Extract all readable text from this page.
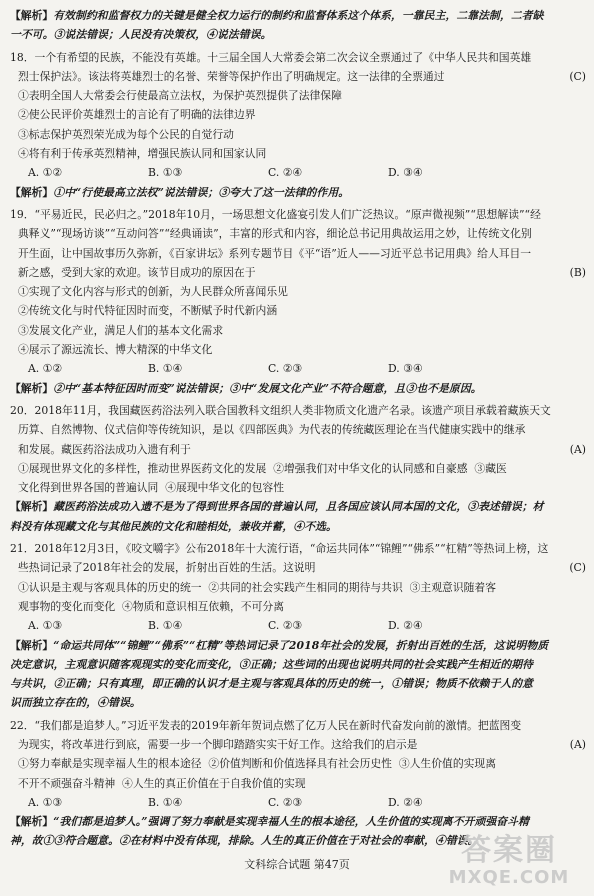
【解析】有效制约和监督权力的关键是健全权力运行的制约和监督体系这个体系，一靠民主，二靠法制，二者缺
一不可。③说法错误；人民没有决策权，④说法错误。
18．一个有希望的民族，不能没有英雄。十三届全国人大常委会第二次会议全票通过了《中华人民共和国英雄
烈士保护法》。该法将英雄烈士的名誉、荣誉等保护作出了明确规定。这一法律的全票通过	(C)
①表明全国人大常委会行使最高立法权，为保护英烈提供了法律保障
②使公民评价英雄烈士的言论有了明确的法律边界
③标志保护英烈荣光成为每个公民的自觉行动
④将有利于传承英烈精神，增强民族认同和国家认同
A. ①②	B. ①③	C. ②④	D. ③④
【解析】①中“行使最高立法权”说法错误；③夸大了这一法律的作用。
19．“平易近民，民必归之。”2018年10月，一场思想文化盛宴引发人们广泛热议。“原声微视频”“思想解读”“经
典释义”“现场访谈”“互动问答”“经典诵读”，丰富的形式和内容，细论总书记用典故运用之妙，让传统文化别
开生面，让中国故事历久弥新，《百家讲坛》系列专题节目《平“语”近人——习近平总书记用典》给人耳目一
新之感，受到大家的欢迎。该节目成功的原因在于	(B)
①实现了文化内容与形式的创新，为人民群众所喜闻乐见
②传统文化与时代特征因时而变，不断赋予时代新内涵
③发展文化产业，满足人们的基本文化需求
④展示了源远流长、博大精深的中华文化
A. ①②	B. ①④	C. ②③	D. ③④
【解析】②中“基本特征因时而变”说法错误；③中“发展文化产业”不符合题意，且③也不是原因。
20．2018年11月，我国藏医药浴法列入联合国教科文组织人类非物质文化遗产名录。该遗产项目承载着藏族天文
历算、自然博物、仪式信仰等传统知识，是以《四部医典》为代表的传统藏医理论在当代健康实践中的继承
和发展。藏医药浴法成功入遗有利于	(A)
①展现世界文化的多样性，推动世界医药文化的发展 ②增强我们对中华文化的认同感和自豪感 ③藏医
文化得到世界各国的普遍认同 ④展现中华文化的包容性
【解析】藏医药浴法成功入遗不是为了得到世界各国的普遍认同，且各国应该认同本国的文化，③表述错误；材
料没有体现藏文化与其他民族的文化和睦相处，兼收并蓄，④不选。
21．2018年12月3日，《咬文嚼字》公布2018年十大流行语，“命运共同体”“锦鲤”“佛系”“杠精”等热词上榜，这
些热词记录了2018年社会的发展，折射出百姓的生活。这说明	(C)
①认识是主观与客观具体的历史的统一 ②共同的社会实践产生相同的期待与共识 ③主观意识随着客
观事物的变化而变化 ④物质和意识相互依赖，不可分离
A. ①③	B. ①④	C. ②③	D. ②④
【解析】“命运共同体”“锦鲤”“佛系”“杠精”等热词记录了2018年社会的发展，折射出百姓的生活，这说明物质
决定意识，主观意识随客观现实的变化而变化，③正确；这些词的出现也说明共同的社会实践产生相近的期待
与共识，②正确；只有真理，即正确的认识才是主观与客观具体的历史的统一，①错误；物质不依赖于人的意
识而独立存在的，④错误。
22．“我们都是追梦人。”习近平发表的2019年新年贺词点燃了亿万人民在新时代奋发向前的激情。把蓝图变
为现实，将改革进行到底，需要一步一个脚印踏踏实实干好工作。这给我们的启示是	(A)
①努力奉献是实现幸福人生的根本途径 ②价值判断和价值选择具有社会历史性 ③人生价值的实现离
不开不顽强奋斗精神 ④人生的真正价值在于自我价值的实现
A. ①③	B. ①④	C. ②③	D. ②④
【解析】“我们都是追梦人。”强调了努力奉献是实现幸福人生的根本途径，人生价值的实现离不开顽强奋斗精
神，故①③符合题意。②在材料中没有体现，排除。人生的真正价值在于对社会的奉献，④错误。
文科综合试题 第47页	答案圈
MXQE.COM
